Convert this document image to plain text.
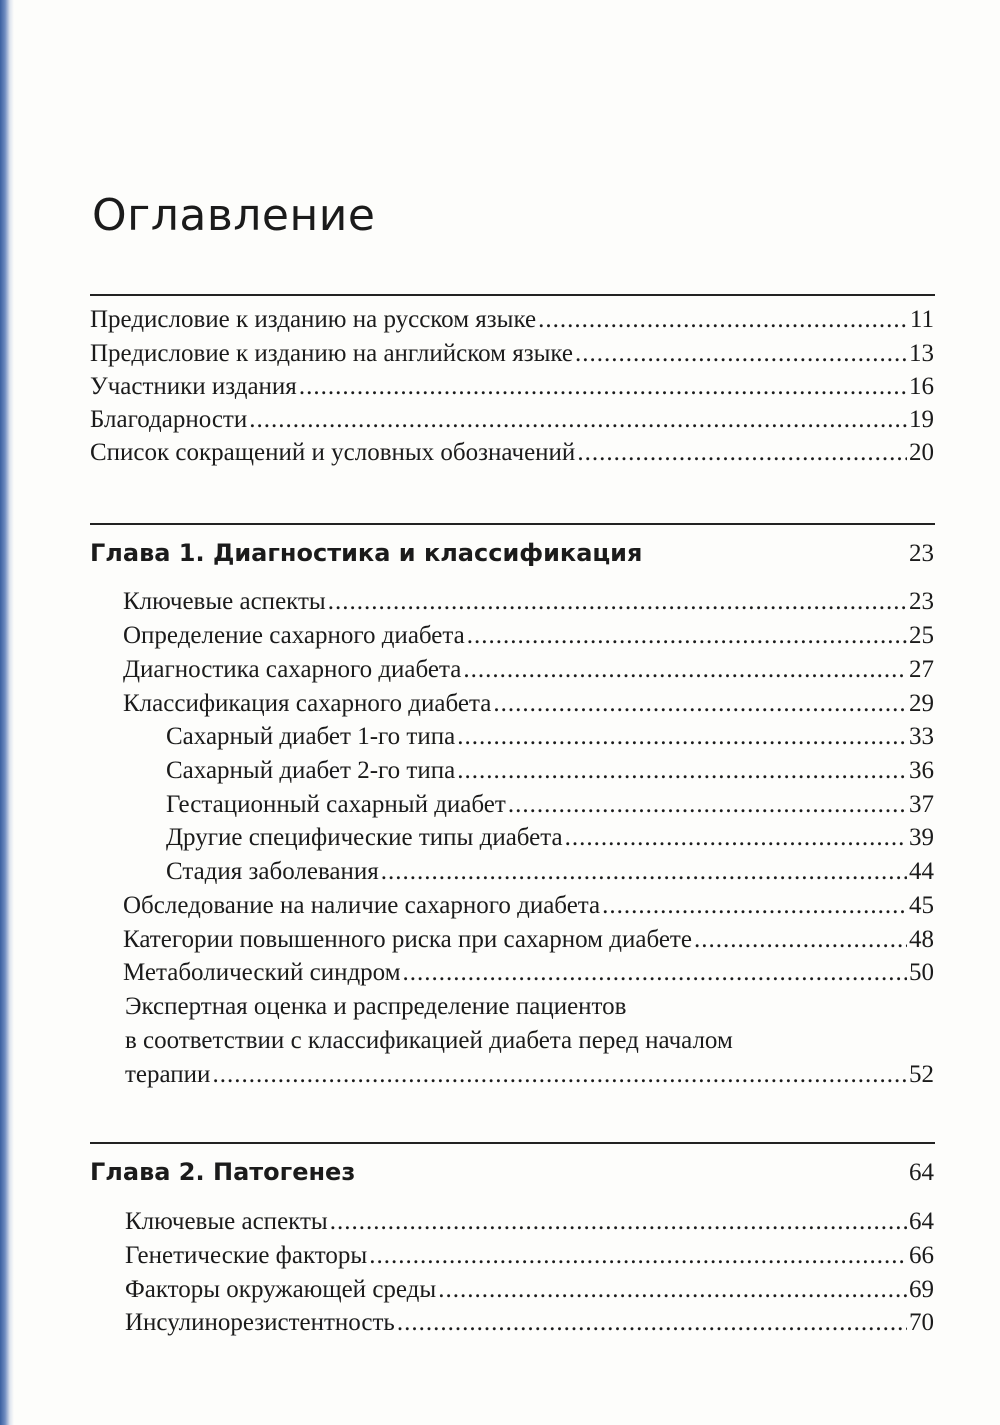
Оглавление
Предисловие к изданию на русском языке .....	11
Предисловие к изданию на английском языке .....	13
Участники издания .....	16
Благодарности .....	19
Список сокращений и условных обозначений .....	20
Глава 1. Диагностика и классификация	23
Ключевые аспекты .....	23
Определение сахарного диабета .....	25
Диагностика сахарного диабета .....	27
Классификация сахарного диабета .....	29
Сахарный диабет 1-го типа .....	33
Сахарный диабет 2-го типа .....	36
Гестационный сахарный диабет .....	37
Другие специфические типы диабета .....	39
Стадия заболевания .....	44
Обследование на наличие сахарного диабета .....	45
Категории повышенного риска при сахарном диабете .....	48
Метаболический синдром .....	50
Экспертная оценка и распределение пациентов
в соответствии с классификацией диабета перед началом
терапии .....	52
Глава 2. Патогенез	64
Ключевые аспекты .....	64
Генетические факторы .....	66
Факторы окружающей среды .....	69
Инсулинорезистентность .....	70
